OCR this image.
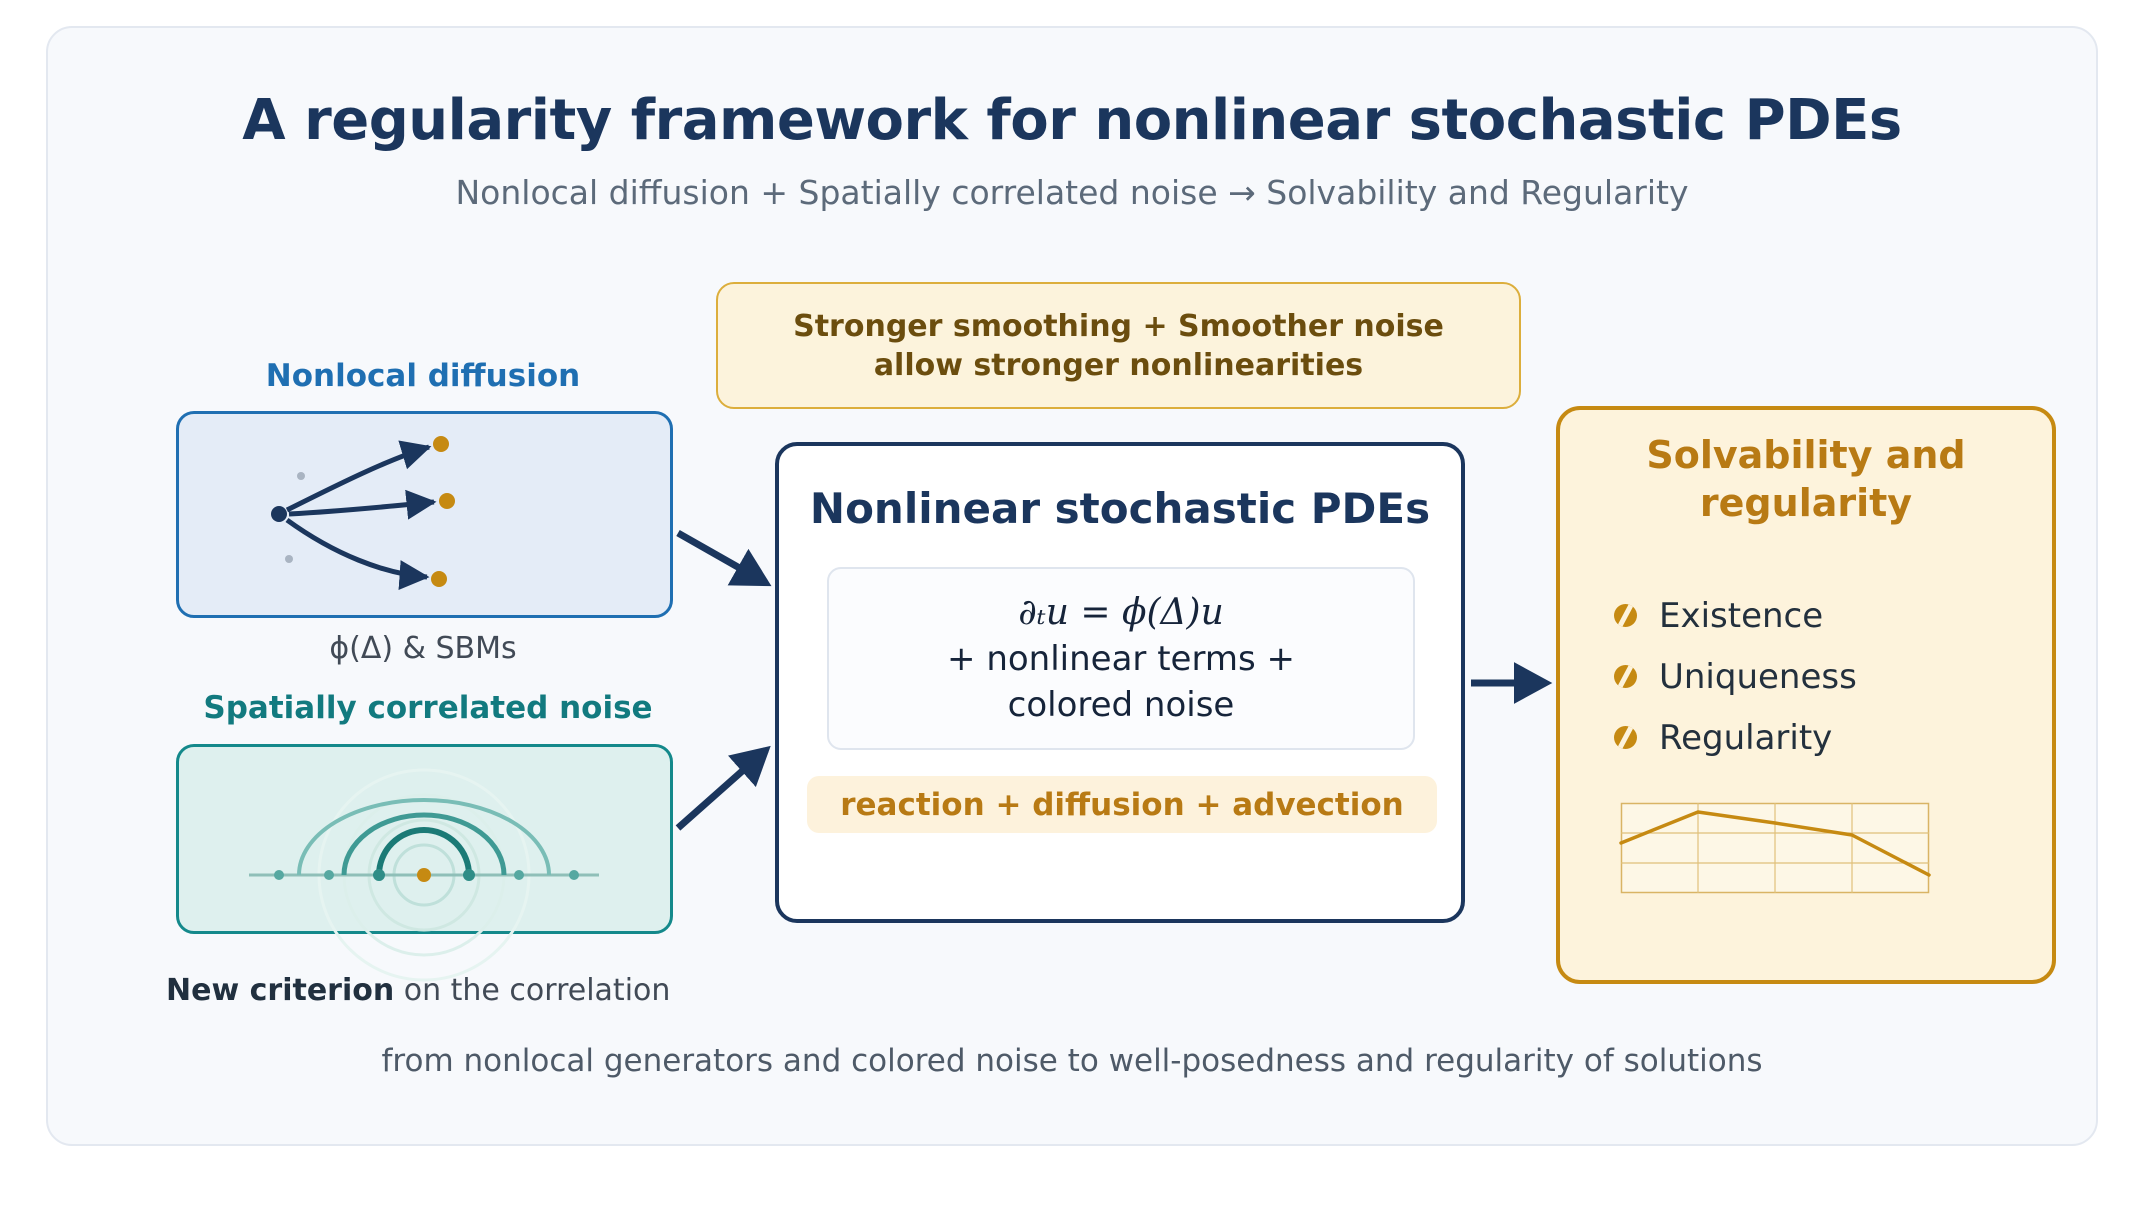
A regularity framework for nonlinear stochastic PDEs
Nonlocal diffusion + Spatially correlated noise → Solvability and Regularity
Nonlocal diffusion
ϕ(Δ) & SBMs
Spatially correlated noise
New criterion on the correlation
Stronger smoothing + Smoother noise
allow stronger nonlinearities
Nonlinear stochastic PDEs
∂ₜu = ϕ(Δ)u
+ nonlinear terms +
colored noise
reaction + diffusion + advection
Solvability and
regularity
Existence
Uniqueness
Regularity
from nonlocal generators and colored noise to well-posedness and regularity of solutions
